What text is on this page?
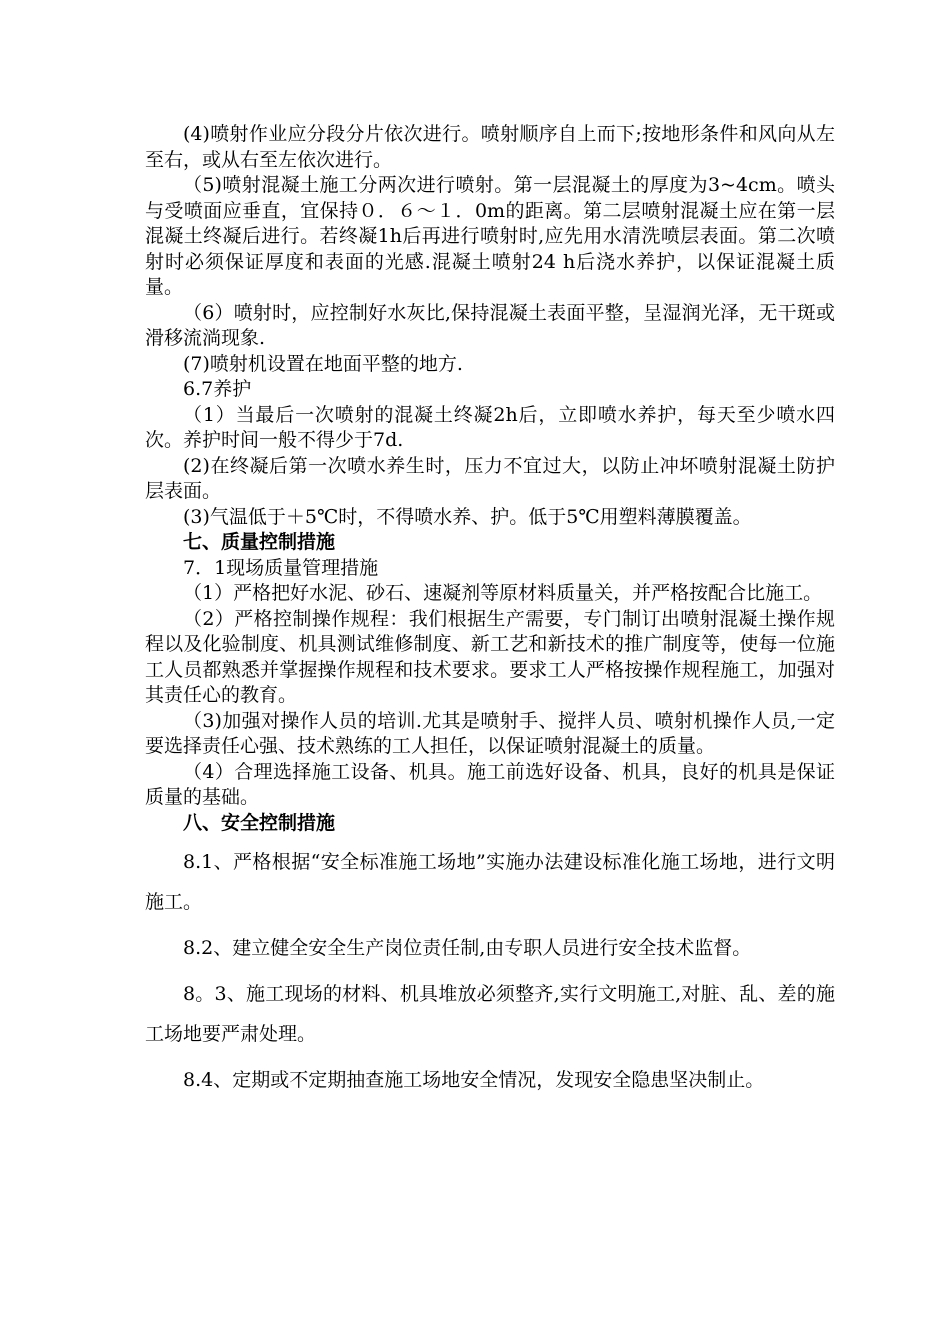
(4)喷射作业应分段分片依次进行。喷射顺序自上而下;按地形条件和风向从左至右，或从右至左依次进行。

（5)喷射混凝土施工分两次进行喷射。第一层混凝土的厚度为3~4cm。喷头与受喷面应垂直，宜保持０．６～１．0m的距离。第二层喷射混凝土应在第一层混凝土终凝后进行。若终凝1h后再进行喷射时,应先用水清洗喷层表面。第二次喷射时必须保证厚度和表面的光感.混凝土喷射24 h后浇水养护，以保证混凝土质量。

（6）喷射时，应控制好水灰比,保持混凝土表面平整，呈湿润光泽，无干斑或滑移流淌现象.

(7)喷射机设置在地面平整的地方.

6.7养护

（1）当最后一次喷射的混凝土终凝2h后，立即喷水养护，每天至少喷水四次。养护时间一般不得少于7d.

(2)在终凝后第一次喷水养生时，压力不宜过大，以防止冲坏喷射混凝土防护层表面。

(3)气温低于＋5℃时，不得喷水养、护。低于5℃用塑料薄膜覆盖。

七、质量控制措施

7．1现场质量管理措施

（1）严格把好水泥、砂石、速凝剂等原材料质量关，并严格按配合比施工。

（2）严格控制操作规程：我们根据生产需要，专门制订出喷射混凝土操作规程以及化验制度、机具测试维修制度、新工艺和新技术的推广制度等，使每一位施工人员都熟悉并掌握操作规程和技术要求。要求工人严格按操作规程施工，加强对其责任心的教育。

（3)加强对操作人员的培训.尤其是喷射手、搅拌人员、喷射机操作人员,一定要选择责任心强、技术熟练的工人担任，以保证喷射混凝土的质量。

（4）合理选择施工设备、机具。施工前选好设备、机具，良好的机具是保证质量的基础。

八、安全控制措施

8.1、严格根据“安全标准施工场地”实施办法建设标准化施工场地，进行文明施工。

8.2、建立健全安全生产岗位责任制,由专职人员进行安全技术监督。

8。3、施工现场的材料、机具堆放必须整齐,实行文明施工,对脏、乱、差的施工场地要严肃处理。

8.4、定期或不定期抽查施工场地安全情况，发现安全隐患坚决制止。
